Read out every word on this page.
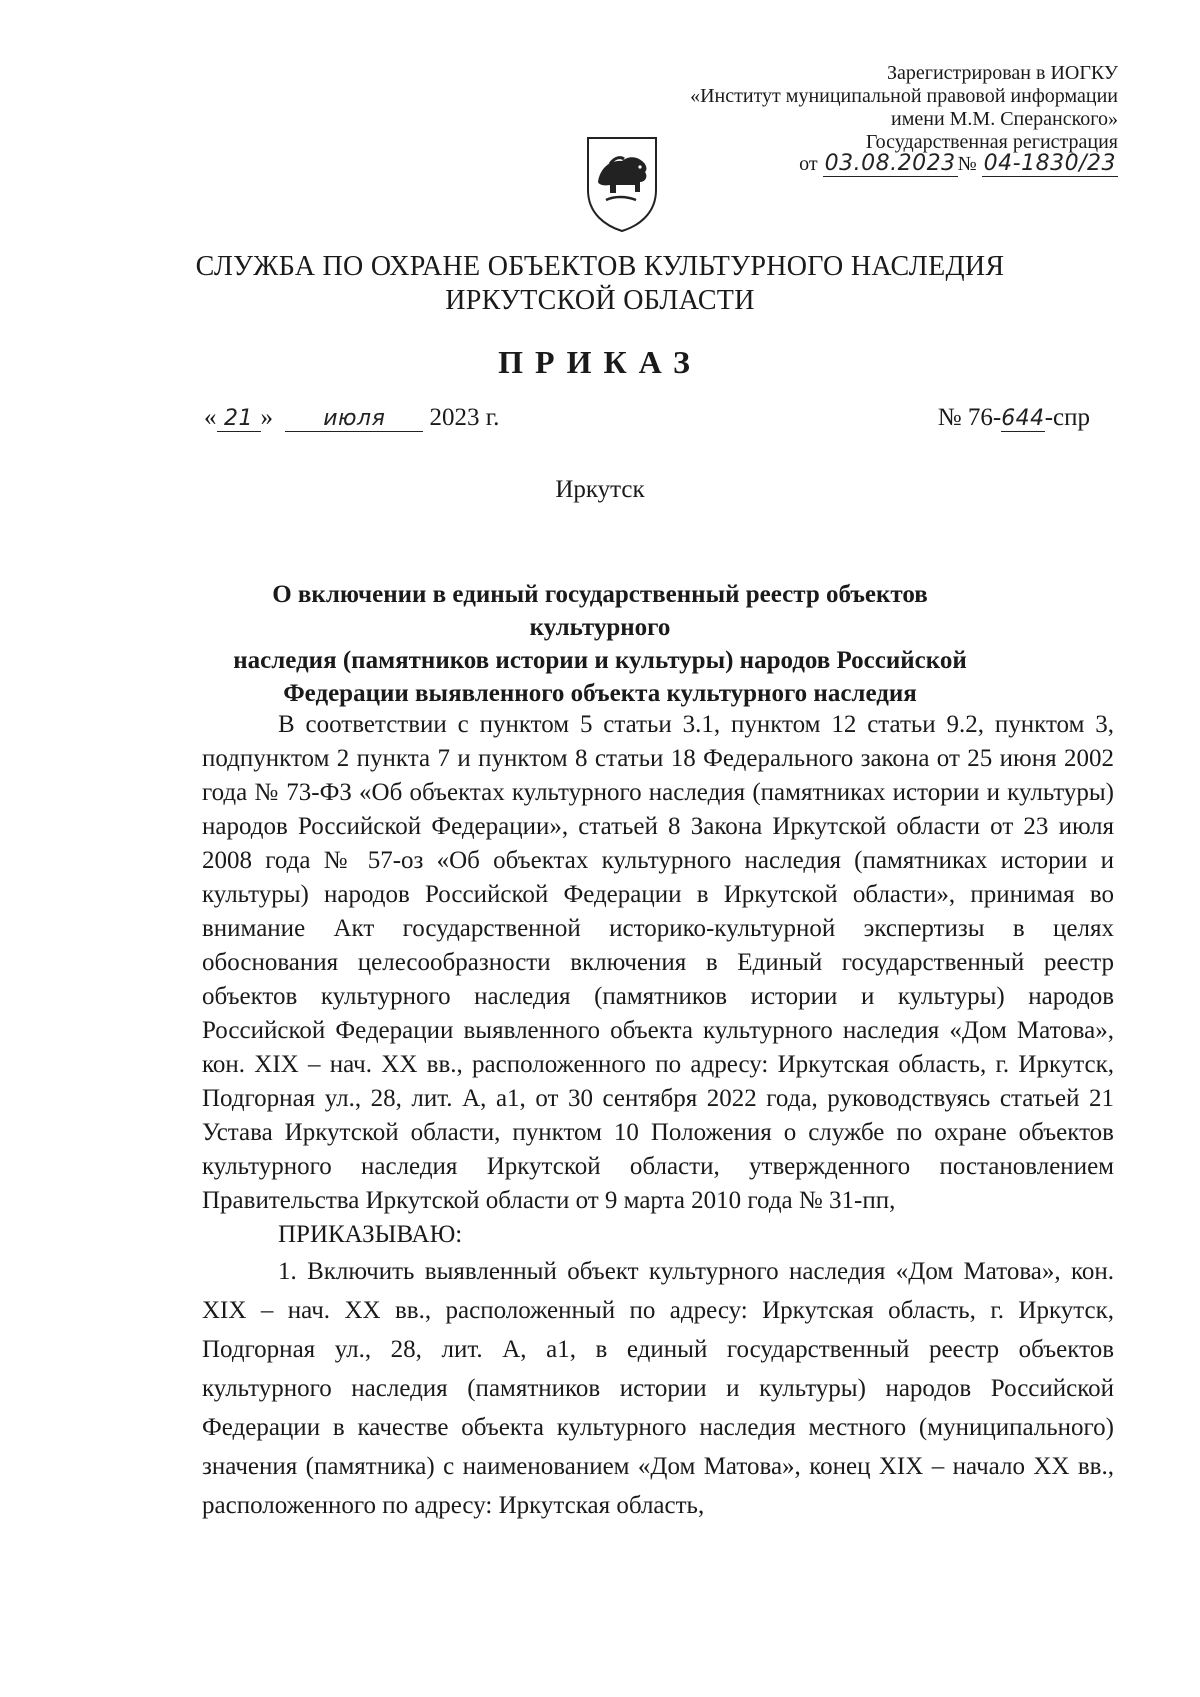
Зарегистрирован в ИОГКУ
«Институт муниципальной правовой информации
имени М.М. Сперанского»
Государственная регистрация
от 03.08.2023 № 04-1830/23
СЛУЖБА ПО ОХРАНЕ ОБЪЕКТОВ КУЛЬТУРНОГО НАСЛЕДИЯ
ИРКУТСКОЙ ОБЛАСТИ
ПРИКАЗ
« 21 » июля 2023 г.	№ 76-644-спр
Иркутск
О включении в единый государственный реестр объектов культурного
наследия (памятников истории и культуры) народов Российской
Федерации выявленного объекта культурного наследия

В соответствии с пунктом 5 статьи 3.1, пунктом 12 статьи 9.2, пунктом 3, подпунктом 2 пункта 7 и пунктом 8 статьи 18 Федерального закона от 25 июня 2002 года № 73-ФЗ «Об объектах культурного наследия (памятниках истории и культуры) народов Российской Федерации», статьей 8 Закона Иркутской области от 23 июля 2008 года № 57-оз «Об объектах культурного наследия (памятниках истории и культуры) народов Российской Федерации в Иркутской области», принимая во внимание Акт государственной историко-культурной экспертизы в целях обоснования целесообразности включения в Единый государственный реестр объектов культурного наследия (памятников истории и культуры) народов Российской Федерации выявленного объекта культурного наследия «Дом Матова», кон. XIX – нач. XX вв., расположенного по адресу: Иркутская область, г. Иркутск, Подгорная ул., 28, лит. А, а1, от 30 сентября 2022 года, руководствуясь статьей 21 Устава Иркутской области, пунктом 10 Положения о службе по охране объектов культурного наследия Иркутской области, утвержденного постановлением Правительства Иркутской области от 9 марта 2010 года № 31-пп,

ПРИКАЗЫВАЮ:

1. Включить выявленный объект культурного наследия «Дом Матова», кон. XIX – нач. XX вв., расположенный по адресу: Иркутская область, г. Иркутск, Подгорная ул., 28, лит. А, а1, в единый государственный реестр объектов культурного наследия (памятников истории и культуры) народов Российской Федерации в качестве объекта культурного наследия местного (муниципального) значения (памятника) с наименованием «Дом Матова», конец XIX – начало XX вв., расположенного по адресу: Иркутская область,
